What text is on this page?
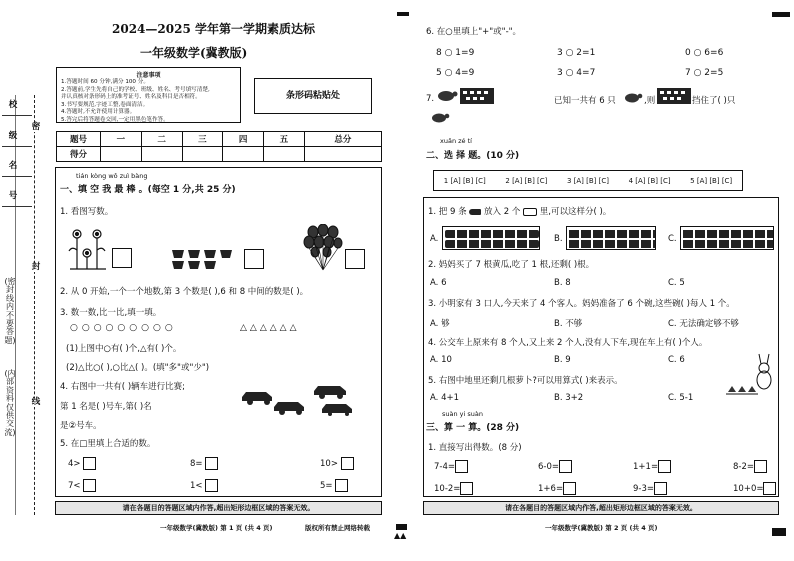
▲▲
校
级
名
号
密
封
线
(密封线内不要答题)
(内部资料 仅供交流)
2024—2025 学年第一学期素质达标
一年级数学(冀教版)
注意事项
1.答题时间 60 分钟,满分 100 分。
2.答题前,学生先将自己的学校、班级、姓名、考号填写清楚,
并认真核对条形码上的准考证号、姓名及科目是否相符。
3.书写要规范,字迹工整,卷面清洁。
4.答题时,不允许使用计算器。
5.答完后将答题卷交回,一定用黑色笔作答。
条形码粘贴处
题号	一	二	三	四	五	总分
得分						
tián kòng wǒ zuì bàng
一、填 空 我 最 棒 。(每空 1 分,共 25 分)
1. 看图写数。
2. 从 0 开始,一个一个地数,第 3 个数是( ),6 和 8 中间的数是( )。
3. 数一数,比一比,填一填。
○○○○○○○○○	△△△△△△
(1)上图中○有( )个,△有( )个。
(2)△比○( ),○比△( )。(填"多"或"少")
4. 右图中一共有( )辆车进行比赛;
第 1 名是( )号车,第( )名
是②号车。
5. 在□里填上合适的数。
4>	8=	10>
7<	1<	5=
请在各题目的答题区域内作答,超出矩形边框区域的答案无效。
一年级数学(冀教版) 第 1 页 (共 4 页)	版权所有禁止网络转载
6. 在○里填上"+"或"-"。
8 ○ 1=9	3 ○ 2=1	0 ○ 6=6
5 ○ 4=9	3 ○ 4=7	7 ○ 2=5
7.	已知一共有 6 只	,则	挡住了( )只
xuǎn zé tí
二、选 择 题。(10 分)
1 [A] [B] [C]	2 [A] [B] [C]	3 [A] [B] [C]	4 [A] [B] [C]	5 [A] [B] [C]
1. 把 9 条 放入 2 个 里,可以这样分( )。
A.	B.	C.
2. 妈妈买了 7 根黄瓜,吃了 1 根,还剩( )根。
A. 6	B. 8	C. 5
3. 小明家有 3 口人,今天来了 4 个客人。妈妈准备了 6 个碗,这些碗( )每人 1 个。
A. 够	B. 不够	C. 无法确定够不够
4. 公交车上原来有 8 个人,又上来 2 个人,没有人下车,现在车上有( )个人。
A. 10	B. 9	C. 6
5. 右图中地里还剩几根萝卜?可以用算式( )来表示。
A. 4+1	B. 3+2	C. 5-1
suàn yi suàn
三、算 一 算。(28 分)
1. 直接写出得数。(8 分)
7-4=	6-0=	1+1=	8-2=
10-2=	1+6=	9-3=	10+0=
请在各题目的答题区域内作答,超出矩形边框区域的答案无效。
一年级数学(冀教版) 第 2 页 (共 4 页)
